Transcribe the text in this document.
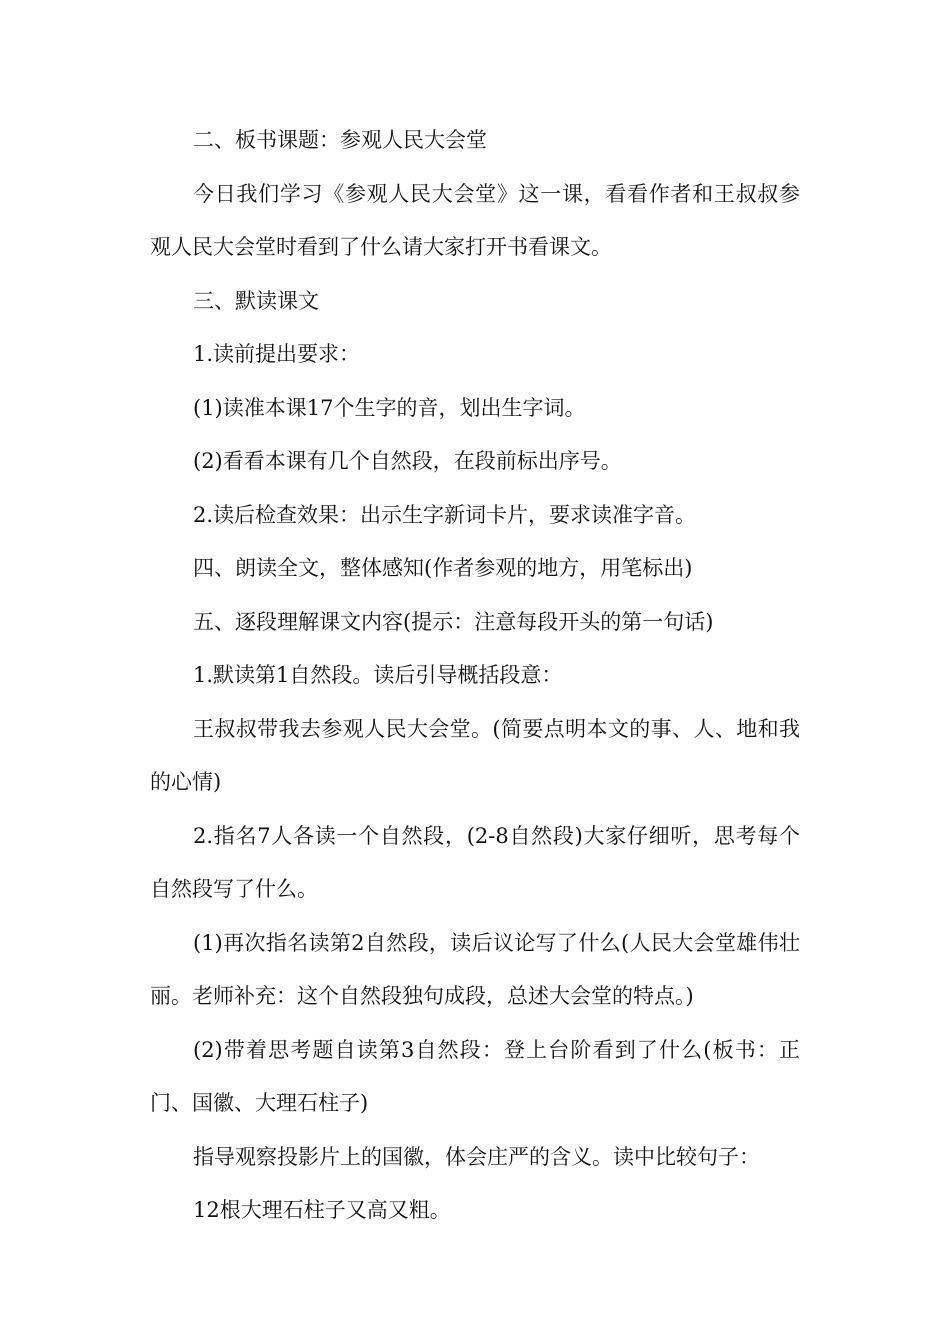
二、板书课题：参观人民大会堂

今日我们学习《参观人民大会堂》这一课，看看作者和王叔叔参观人民大会堂时看到了什么请大家打开书看课文。

三、默读课文

1.读前提出要求：

(1)读准本课17个生字的音，划出生字词。

(2)看看本课有几个自然段，在段前标出序号。

2.读后检查效果：出示生字新词卡片，要求读准字音。

四、朗读全文，整体感知(作者参观的地方，用笔标出)

五、逐段理解课文内容(提示：注意每段开头的第一句话)

1.默读第1自然段。读后引导概括段意：

王叔叔带我去参观人民大会堂。(简要点明本文的事、人、地和我的心情)

2.指名7人各读一个自然段，(2-8自然段)大家仔细听，思考每个自然段写了什么。

(1)再次指名读第2自然段，读后议论写了什么(人民大会堂雄伟壮丽。老师补充：这个自然段独句成段，总述大会堂的特点。)

(2)带着思考题自读第3自然段：登上台阶看到了什么(板书：正门、国徽、大理石柱子)

指导观察投影片上的国徽，体会庄严的含义。读中比较句子：

12根大理石柱子又高又粗。
